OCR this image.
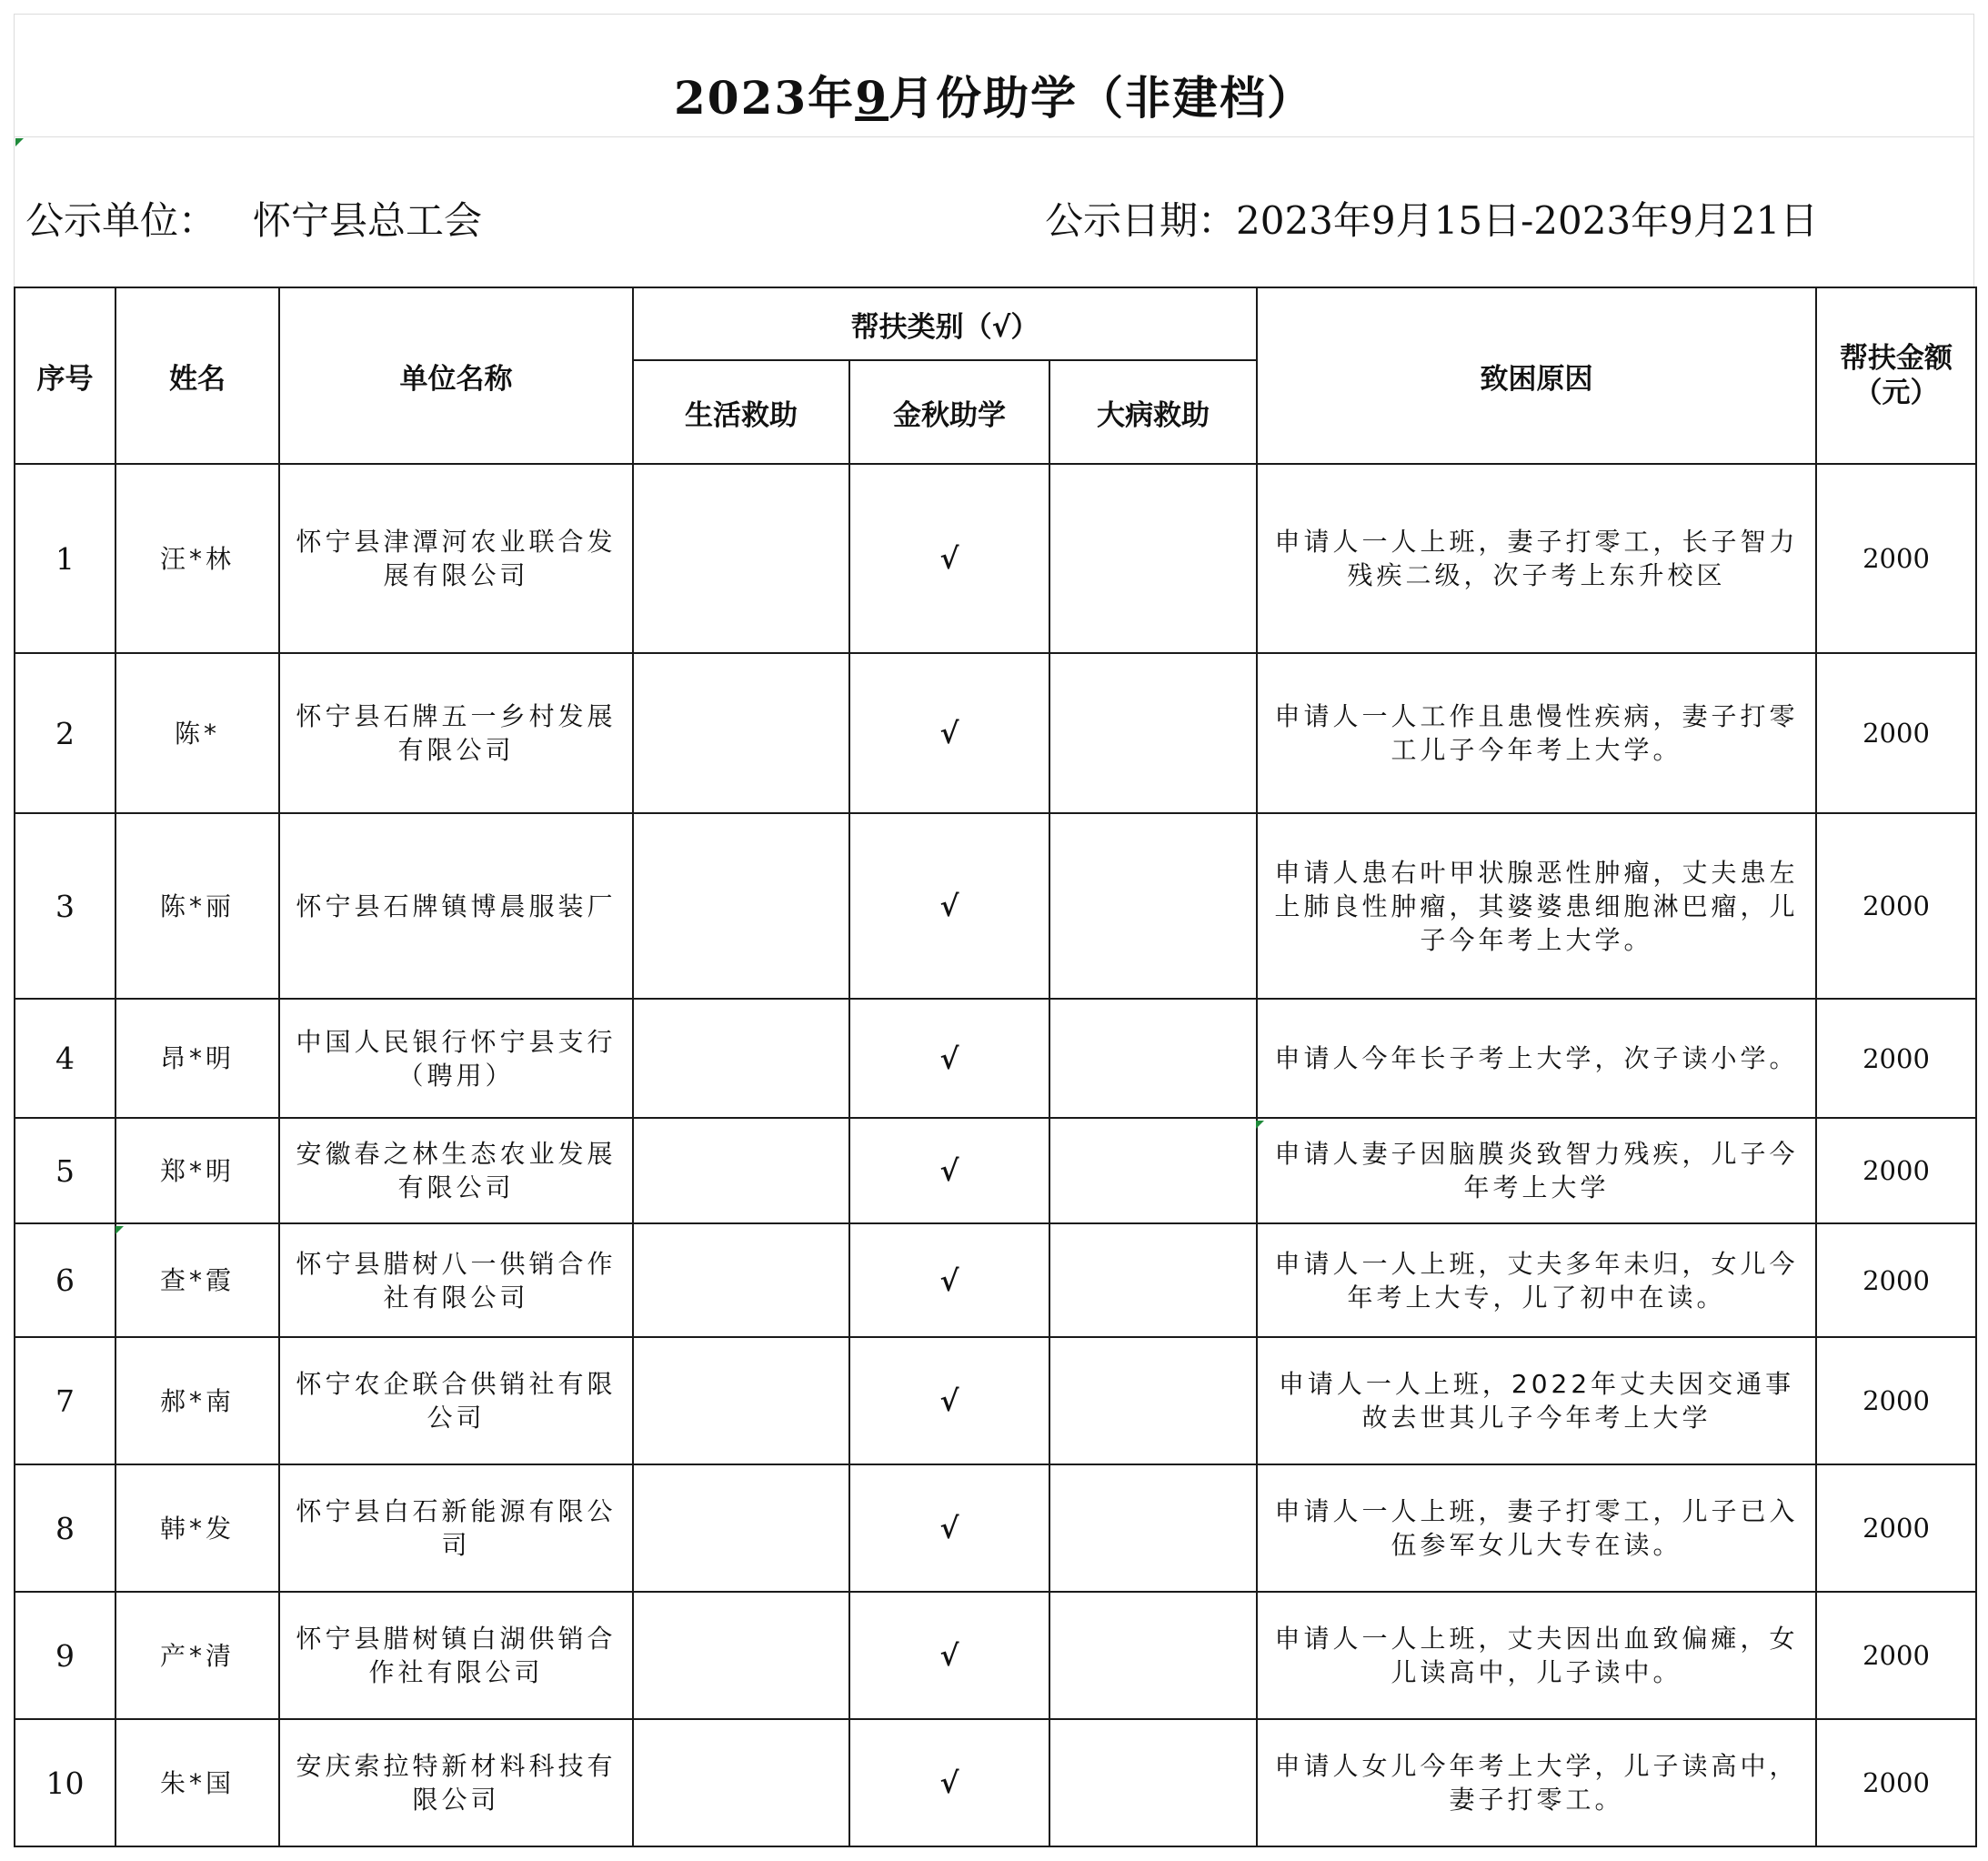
2023年9月份助学（非建档）
公示单位： 怀宁县总工会	公示日期：2023年9月15日-2023年9月21日
序号	姓名	单位名称	帮扶类别（√）			致困原因	帮扶金额（元）
			生活救助	金秋助学	大病救助		
1	汪*林	怀宁县津潭河农业联合发展有限公司		√		申请人一人上班，妻子打零工，长子智力残疾二级，次子考上东升校区	2000
2	陈*	怀宁县石牌五一乡村发展有限公司		√		申请人一人工作且患慢性疾病，妻子打零工儿子今年考上大学。	2000
3	陈*丽	怀宁县石牌镇博晨服装厂		√		申请人患右叶甲状腺恶性肿瘤，丈夫患左上肺良性肿瘤，其婆婆患细胞淋巴瘤，儿子今年考上大学。	2000
4	昂*明	中国人民银行怀宁县支行（聘用）		√		申请人今年长子考上大学，次子读小学。	2000
5	郑*明	安徽春之林生态农业发展有限公司		√		申请人妻子因脑膜炎致智力残疾，儿子今年考上大学	2000
6	查*霞	怀宁县腊树八一供销合作社有限公司		√		申请人一人上班，丈夫多年未归，女儿今年考上大专，儿了初中在读。	2000
7	郝*南	怀宁农企联合供销社有限公司		√		申请人一人上班，2022年丈夫因交通事故去世其儿子今年考上大学	2000
8	韩*发	怀宁县白石新能源有限公司		√		申请人一人上班，妻子打零工，儿子已入伍参军女儿大专在读。	2000
9	产*清	怀宁县腊树镇白湖供销合作社有限公司		√		申请人一人上班，丈夫因出血致偏瘫，女儿读高中，儿子读中。	2000
10	朱*国	安庆索拉特新材料科技有限公司		√		申请人女儿今年考上大学，儿子读高中，妻子打零工。	2000
